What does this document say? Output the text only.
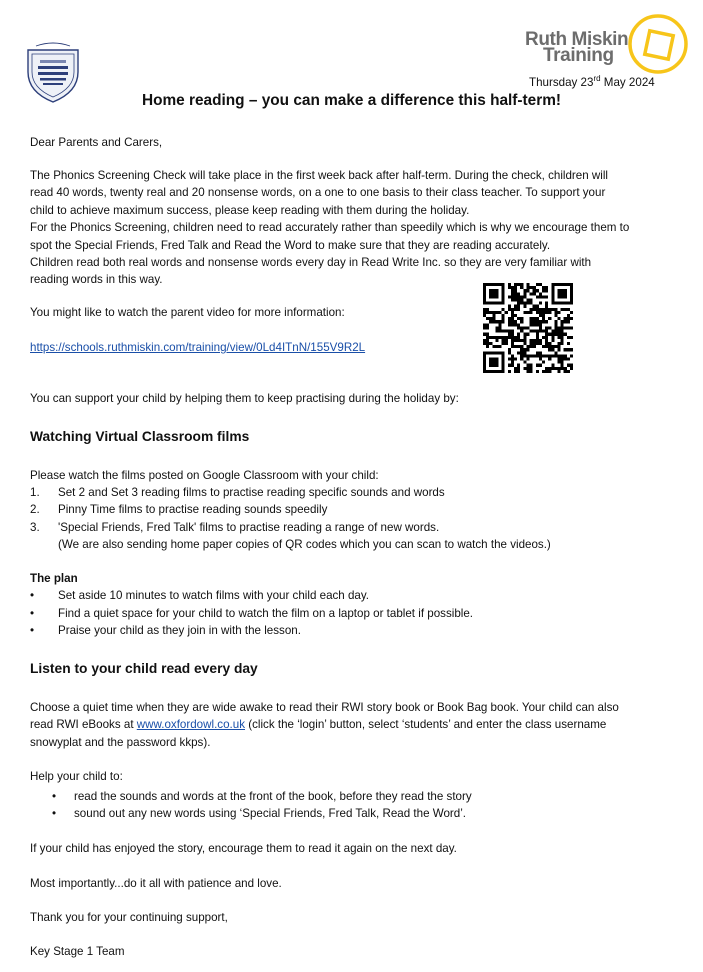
Ruth Miskin
Training
Thursday 23rd May 2024
Home reading – you can make a difference this half-term!

Dear Parents and Carers,

The Phonics Screening Check will take place in the first week back after half-term. During the check, children will
read 40 words, twenty real and 20 nonsense words, on a one to one basis to their class teacher. To support your
child to achieve maximum success, please keep reading with them during the holiday.
For the Phonics Screening, children need to read accurately rather than speedily which is why we encourage them to
spot the Special Friends, Fred Talk and Read the Word to make sure that they are reading accurately.
Children read both real words and nonsense words every day in Read Write Inc. so they are very familiar with
reading words in this way.

You might like to watch the parent video for more information:

https://schools.ruthmiskin.com/training/view/0Ld4ITnN/155V9R2L

You can support your child by helping them to keep practising during the holiday by:

Watching Virtual Classroom films

Please watch the films posted on Google Classroom with your child:

1. Set 2 and Set 3 reading films to practise reading specific sounds and words
2. Pinny Time films to practise reading sounds speedily
3. 'Special Friends, Fred Talk' films to practise reading a range of new words.
(We are also sending home paper copies of QR codes which you can scan to watch the videos.)
The plan
• Set aside 10 minutes to watch films with your child each day.
• Find a quiet space for your child to watch the film on a laptop or tablet if possible.
• Praise your child as they join in with the lesson.
Listen to your child read every day
Choose a quiet time when they are wide awake to read their RWI story book or Book Bag book. Your child can also
read RWI eBooks at www.oxfordowl.co.uk (click the ‘login’ button, select ‘students’ and enter the class username
snowyplat and the password kkps).

Help your child to:

• read the sounds and words at the front of the book, before they read the story
• sound out any new words using ‘Special Friends, Fred Talk, Read the Word’.

If your child has enjoyed the story, encourage them to read it again on the next day.

Most importantly...do it all with patience and love.

Thank you for your continuing support,

Key Stage 1 Team
